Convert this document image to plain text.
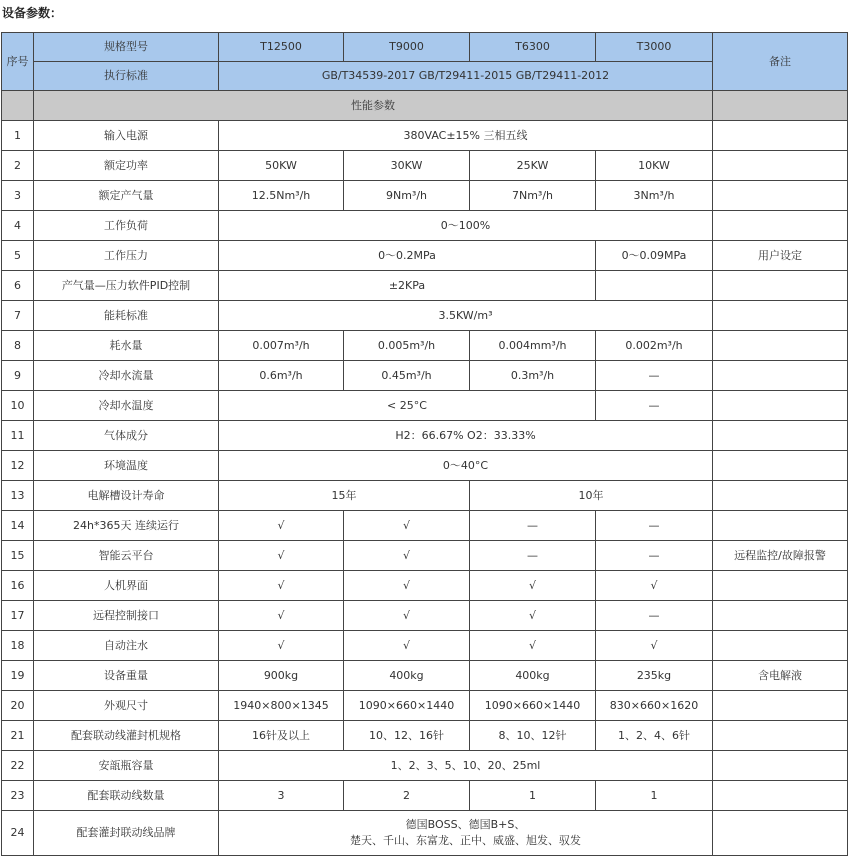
设备参数：
序号	规格型号	T12500	T9000	T6300	T3000	备注
	执行标准	GB/T34539-2017 GB/T29411-2015 GB/T29411-2012				
	性能参数					
1	输入电源	380VAC±15% 三相五线				
2	额定功率	50KW	30KW	25KW	10KW	
3	额定产气量	12.5Nm³/h	9Nm³/h	7Nm³/h	3Nm³/h	
4	工作负荷	0～100%				
5	工作压力	0～0.2MPa			0～0.09MPa	用户设定
6	产气量—压力软件PID控制	±2KPa				
7	能耗标准	3.5KW/m³				
8	耗水量	0.007m³/h	0.005m³/h	0.004mm³/h	0.002m³/h	
9	冷却水流量	0.6m³/h	0.45m³/h	0.3m³/h	—	
10	冷却水温度	< 25°C			—	
11	气体成分	H2：66.67% O2：33.33%				
12	环境温度	0～40°C				
13	电解槽设计寿命	15年		10年		
14	24h*365天 连续运行	√	√	—	—	
15	智能云平台	√	√	—	—	远程监控/故障报警
16	人机界面	√	√	√	√	
17	远程控制接口	√	√	√	—	
18	自动注水	√	√	√	√	
19	设备重量	900kg	400kg	400kg	235kg	含电解液
20	外观尺寸	1940×800×1345	1090×660×1440	1090×660×1440	830×660×1620	
21	配套联动线灌封机规格	16针及以上	10、12、16针	8、10、12针	1、2、4、6针	
22	安瓿瓶容量	1、2、3、5、10、20、25ml				
23	配套联动线数量	3	2	1	1	
24	配套灌封联动线品牌	德国BOSS、德国B+S、
楚天、千山、东富龙、正中、威盛、旭发、驭发				
